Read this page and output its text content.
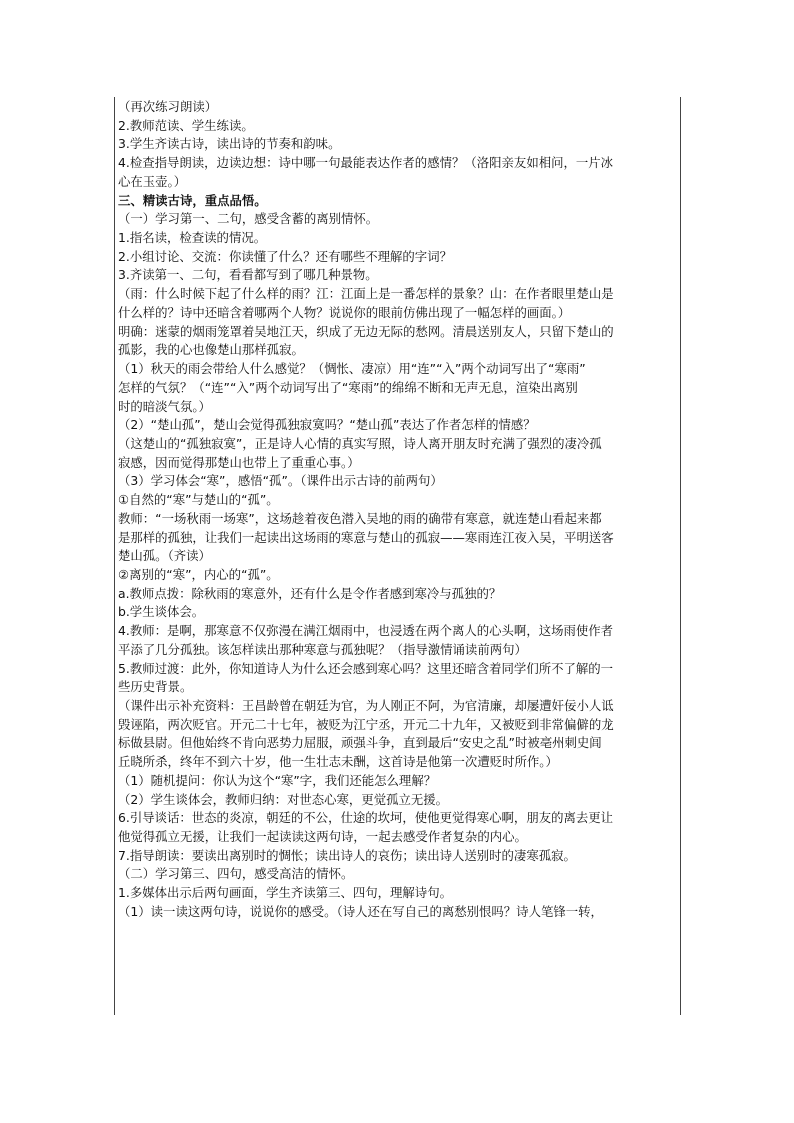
（再次练习朗读）
2.教师范读、学生练读。
3.学生齐读古诗，读出诗的节奏和韵味。
4.检查指导朗读，边读边想：诗中哪一句最能表达作者的感情？（洛阳亲友如相问，一片冰
心在玉壶。）
三、精读古诗，重点品悟。
（一）学习第一、二句，感受含蓄的离别情怀。
1.指名读，检查读的情况。
2.小组讨论、交流：你读懂了什么？还有哪些不理解的字词？
3.齐读第一、二句，看看都写到了哪几种景物。
（雨：什么时候下起了什么样的雨？江：江面上是一番怎样的景象？山：在作者眼里楚山是
什么样的？诗中还暗含着哪两个人物？说说你的眼前仿佛出现了一幅怎样的画面。）
明确：迷蒙的烟雨笼罩着吴地江天，织成了无边无际的愁网。清晨送别友人，只留下楚山的
孤影，我的心也像楚山那样孤寂。
（1）秋天的雨会带给人什么感觉？（惆怅、凄凉）用“连”“入”两个动词写出了“寒雨”
怎样的气氛？（“连”“入”两个动词写出了“寒雨”的绵绵不断和无声无息，渲染出离别
时的暗淡气氛。）
（2）“楚山孤”，楚山会觉得孤独寂寞吗？“楚山孤”表达了作者怎样的情感？
（这楚山的“孤独寂寞”，正是诗人心情的真实写照，诗人离开朋友时充满了强烈的凄冷孤
寂感，因而觉得那楚山也带上了重重心事。）
（3）学习体会“寒”，感悟“孤”。（课件出示古诗的前两句）
①自然的“寒”与楚山的“孤”。
教师：“一场秋雨一场寒”，这场趁着夜色潜入吴地的雨的确带有寒意，就连楚山看起来都
是那样的孤独，让我们一起读出这场雨的寒意与楚山的孤寂——寒雨连江夜入吴，平明送客
楚山孤。（齐读）
②离别的“寒”，内心的“孤”。
a.教师点拨：除秋雨的寒意外，还有什么是令作者感到寒冷与孤独的？
b.学生谈体会。
4.教师：是啊，那寒意不仅弥漫在满江烟雨中，也浸透在两个离人的心头啊，这场雨使作者
平添了几分孤独。该怎样读出那种寒意与孤独呢？（指导激情诵读前两句）
5.教师过渡：此外，你知道诗人为什么还会感到寒心吗？这里还暗含着同学们所不了解的一
些历史背景。
（课件出示补充资料：王昌龄曾在朝廷为官，为人刚正不阿，为官清廉，却屡遭奸佞小人诋
毁诬陷，两次贬官。开元二十七年，被贬为江宁丞，开元二十九年，又被贬到非常偏僻的龙
标做县尉。但他始终不肯向恶势力屈服，顽强斗争，直到最后“安史之乱”时被亳州刺史闾
丘晓所杀，终年不到六十岁，他一生壮志未酬，这首诗是他第一次遭贬时所作。）
（1）随机提问：你认为这个“寒”字，我们还能怎么理解？
（2）学生谈体会，教师归纳：对世态心寒，更觉孤立无援。
6.引导谈话：世态的炎凉，朝廷的不公，仕途的坎坷，使他更觉得寒心啊，朋友的离去更让
他觉得孤立无援，让我们一起读读这两句诗，一起去感受作者复杂的内心。
7.指导朗读：要读出离别时的惆怅；读出诗人的哀伤；读出诗人送别时的凄寒孤寂。
（二）学习第三、四句，感受高洁的情怀。
1.多媒体出示后两句画面，学生齐读第三、四句，理解诗句。
（1）读一读这两句诗，说说你的感受。（诗人还在写自己的离愁别恨吗？诗人笔锋一转，
